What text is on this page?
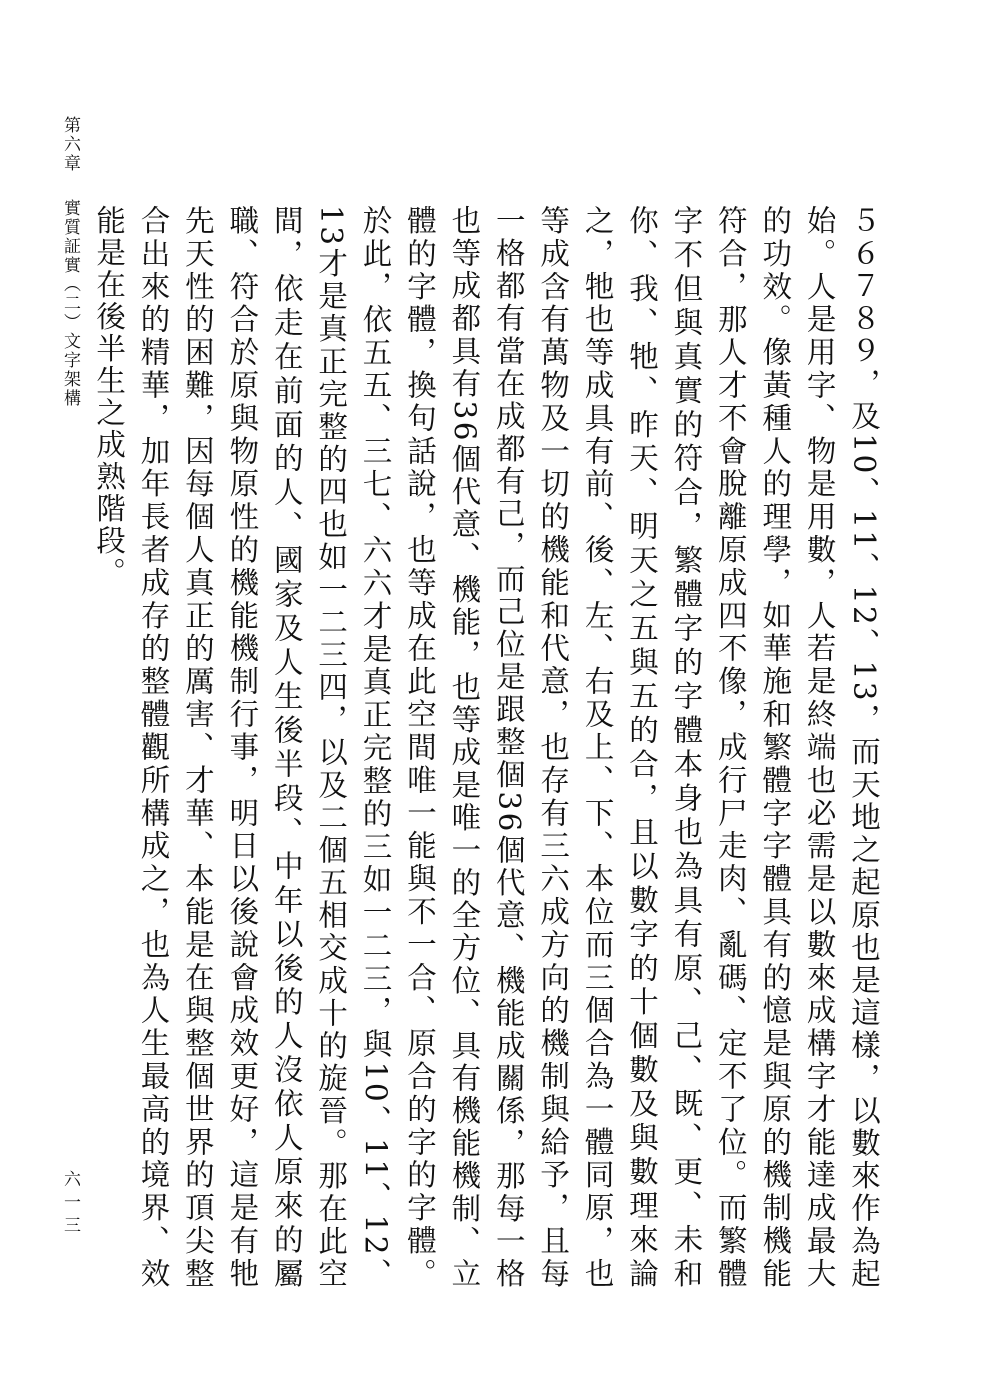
第六章實質証實（二）文字架構
六一三	５６７８９，及10、11、12、13，而天地之起原也是這樣，以數來作為起始。人是用字、物是用數，人若是終端也必需是以數來成構字才能達成最大的功效。像黃種人的理學，如華施和繁體字字體具有的憶是與原的機制機能符合，那人才不會脫離原成四不像，成行尸走肉、亂碼、定不了位。而繁體字不但與真實的符合，繁體字的字體本身也為具有原、己、既、更、未和你、我、牠、昨天、明天之五與五的合，且以數字的十個數及與數理來論之，牠也等成具有前、後、左、右及上、下、本位而三個合為一體同原，也等成含有萬物及一切的機能和代意，也存有三六成方向的機制與給予，且每一格都有當在成都有己，而己位是跟整個36個代意、機能成關係，那每一格也等成都具有36個代意、機能，也等成是唯一的全方位、具有機能機制、立體的字體，換句話說，也等成在此空間唯一能與不一合、原合的字的字體。於此，依五五、三七、六六才是真正完整的三如一二三，與10、11、12、13才是真正完整的四也如一二三四，以及二個五相交成十的旋晉。那在此空間，依走在前面的人、國家及人生後半段、中年以後的人沒依人原來的屬職、符合於原與物原性的機能機制行事，明日以後說會成效更好，這是有牠先天性的困難，因每個人真正的厲害、才華、本能是在與整個世界的頂尖整合出來的精華，加年長者成存的整體觀所構成之，也為人生最高的境界、效能是在後半生之成熟階段。
